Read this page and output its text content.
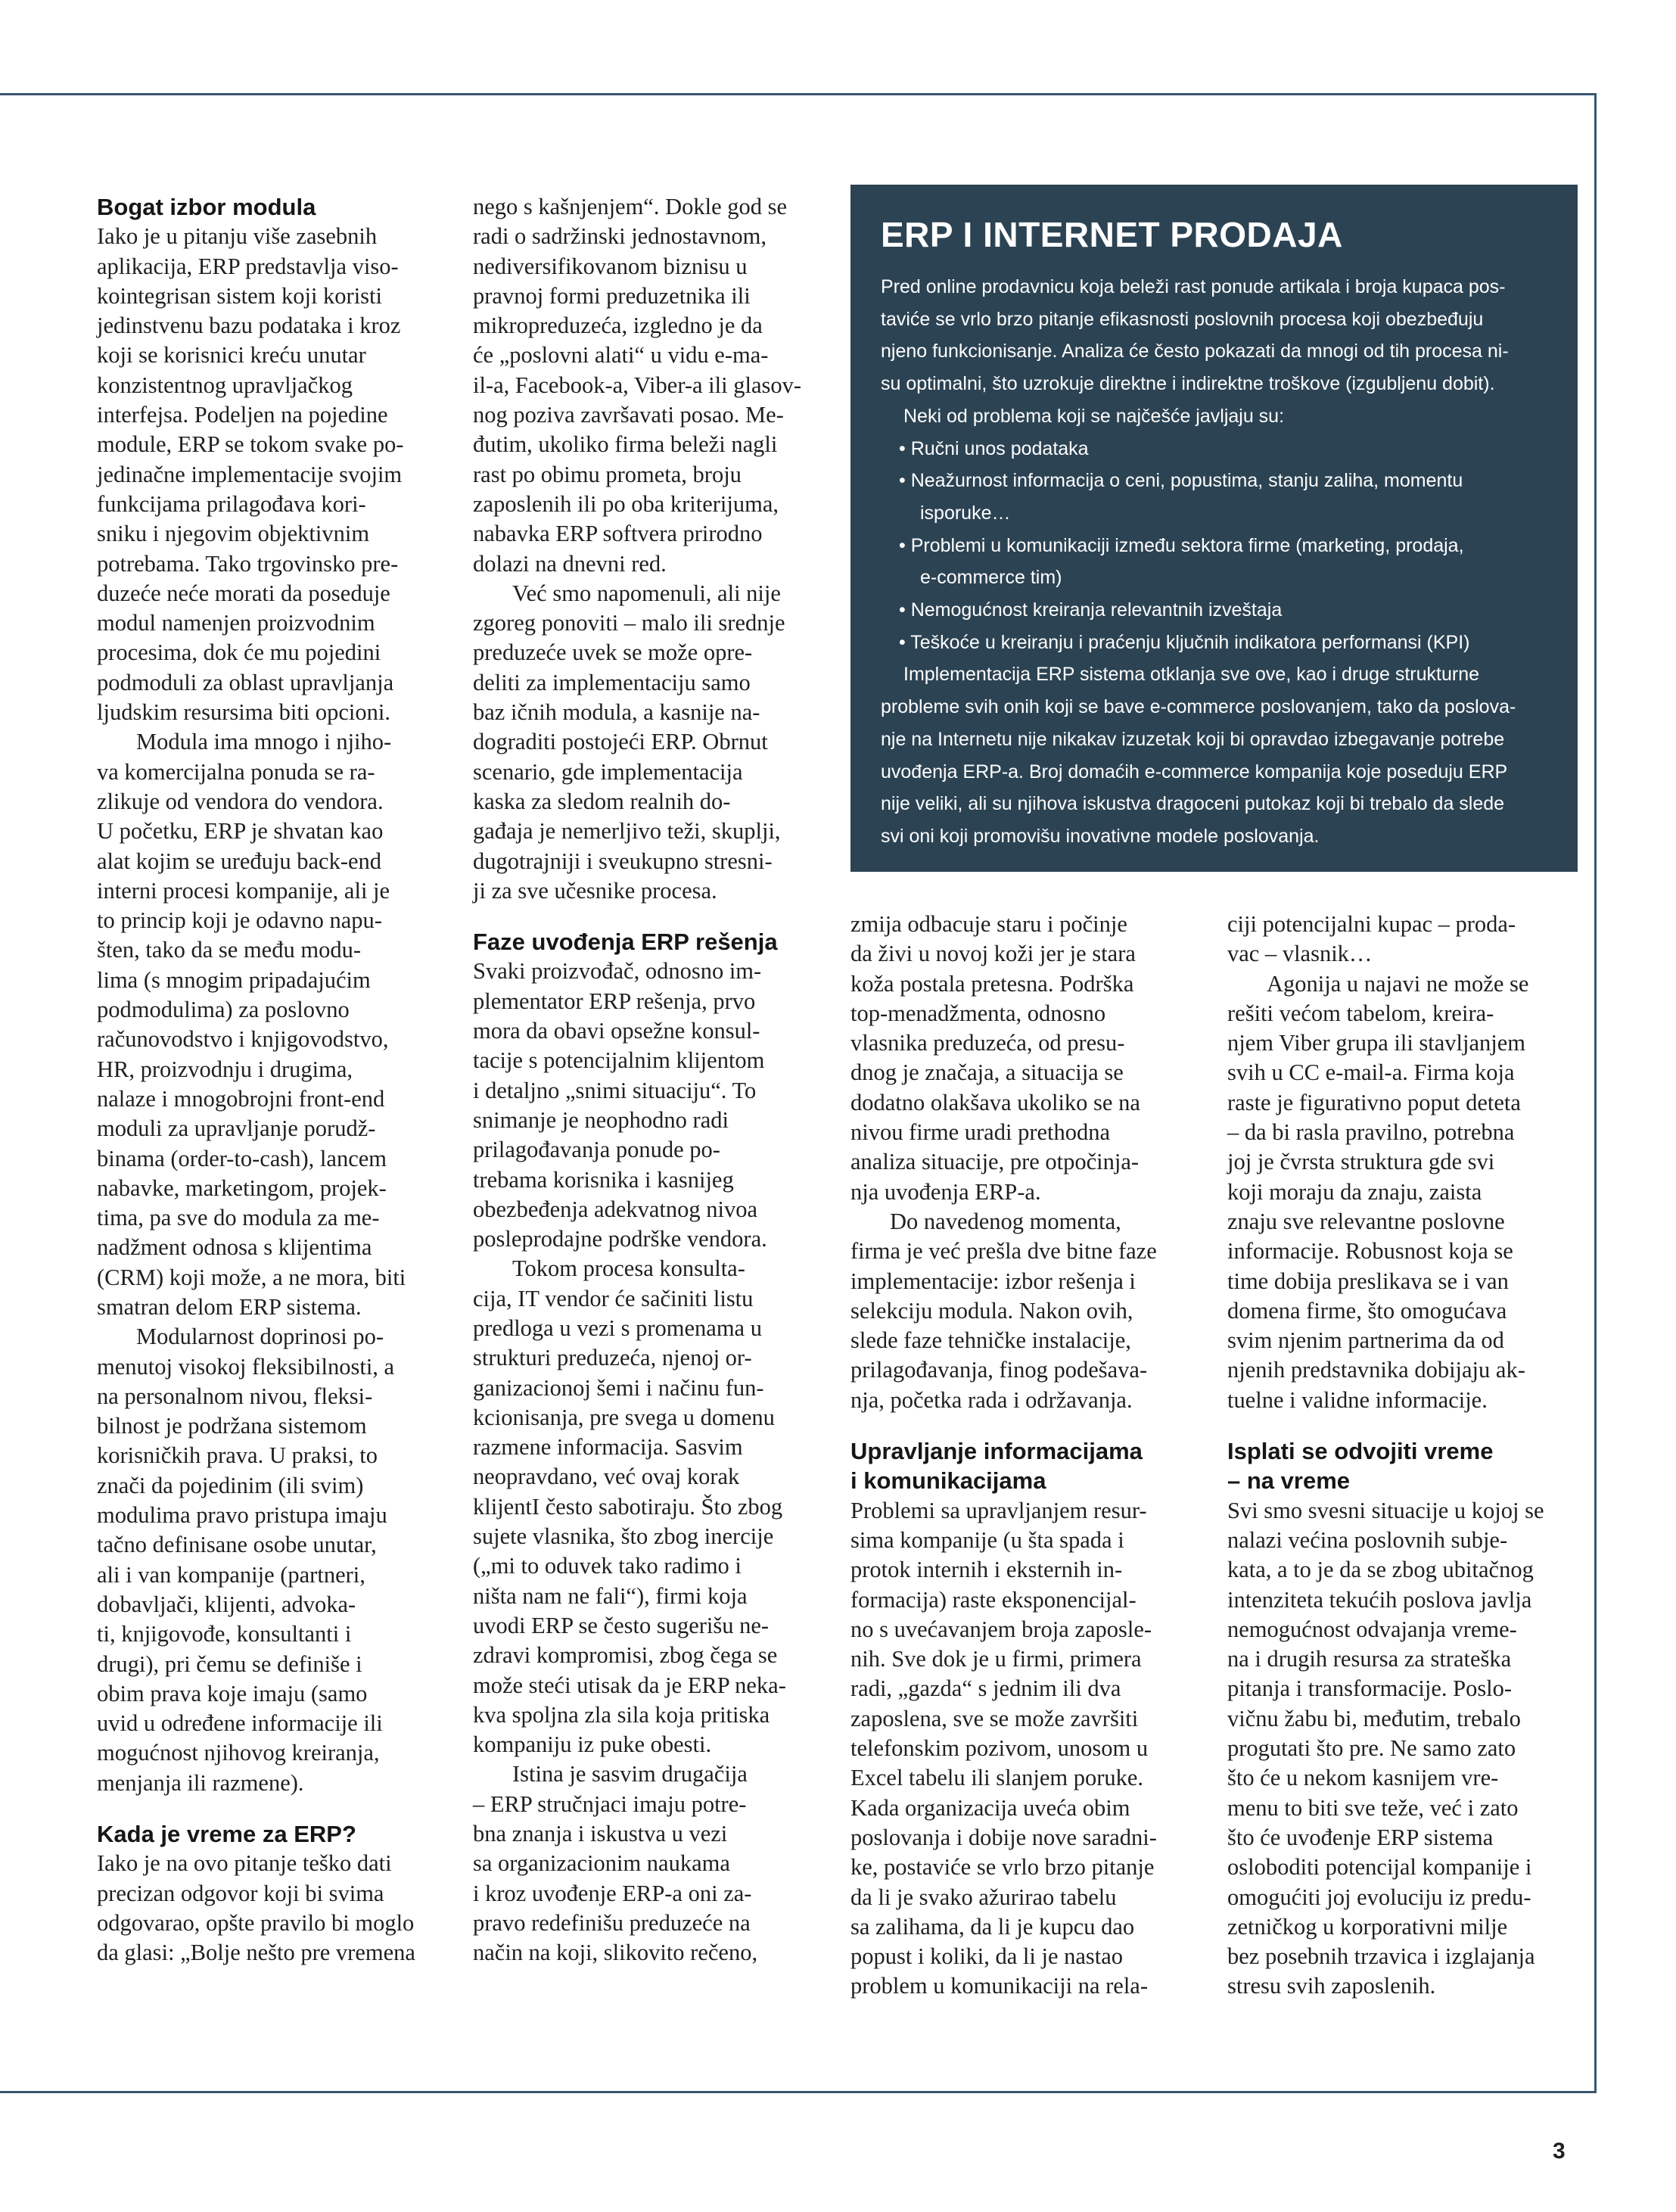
Bogat izbor modula

Iako je u pitanju više zasebnih
aplikacija, ERP predstavlja viso-
kointegrisan sistem koji koristi
jedinstvenu bazu podataka i kroz
koji se korisnici kreću unutar
konzistentnog upravljačkog
interfejsa. Podeljen na pojedine
module, ERP se tokom svake po-
jedinačne implementacije svojim
funkcijama prilagođava kori-
sniku i njegovim objektivnim
potrebama. Tako trgovinsko pre-
duzeće neće morati da poseduje
modul namenjen proizvodnim
procesima, dok će mu pojedini
podmoduli za oblast upravljanja
ljudskim resursima biti opcioni.

Modula ima mnogo i njiho-
va komercijalna ponuda se ra-
zlikuje od vendora do vendora.
U početku, ERP je shvatan kao
alat kojim se uređuju back-end
interni procesi kompanije, ali je
to princip koji je odavno napu-
šten, tako da se među modu-
lima (s mnogim pripadajućim
podmodulima) za poslovno
računovodstvo i knjigovodstvo,
HR, proizvodnju i drugima,
nalaze i mnogobrojni front-end
moduli za upravljanje porudž-
binama (order-to-cash), lancem
nabavke, marketingom, projek-
tima, pa sve do modula za me-
nadžment odnosa s klijentima
(CRM) koji može, a ne mora, biti
smatran delom ERP sistema.

Modularnost doprinosi po-
menutoj visokoj fleksibilnosti, a
na personalnom nivou, fleksi-
bilnost je podržana sistemom
korisničkih prava. U praksi, to
znači da pojedinim (ili svim)
modulima pravo pristupa imaju
tačno definisane osobe unutar,
ali i van kompanije (partneri,
dobavljači, klijenti, advoka-
ti, knjigovođe, konsultanti i
drugi), pri čemu se definiše i
obim prava koje imaju (samo
uvid u određene informacije ili
mogućnost njihovog kreiranja,
menjanja ili razmene).

Kada je vreme za ERP?

Iako je na ovo pitanje teško dati
precizan odgovor koji bi svima
odgovarao, opšte pravilo bi moglo
da glasi: „Bolje nešto pre vremena

nego s kašnjenjem“. Dokle god se
radi o sadržinski jednostavnom,
nediversifikovanom biznisu u
pravnoj formi preduzetnika ili
mikropreduzeća, izgledno je da
će „poslovni alati“ u vidu e-ma-
il-a, Facebook-a, Viber-a ili glasov-
nog poziva završavati posao. Me-
đutim, ukoliko firma beleži nagli
rast po obimu prometa, broju
zaposlenih ili po oba kriterijuma,
nabavka ERP softvera prirodno
dolazi na dnevni red.

Već smo napomenuli, ali nije
zgoreg ponoviti – malo ili srednje
preduzeće uvek se može opre-
deliti za implementaciju samo
baz ičnih modula, a kasnije na-
dograditi postojeći ERP. Obrnut
scenario, gde implementacija
kaska za sledom realnih do-
gađaja je nemerljivo teži, skuplji,
dugotrajniji i sveukupno stresni-
ji za sve učesnike procesa.

Faze uvođenja ERP rešenja

Svaki proizvođač, odnosno im-
plementator ERP rešenja, prvo
mora da obavi opsežne konsul-
tacije s potencijalnim klijentom
i detaljno „snimi situaciju“. To
snimanje je neophodno radi
prilagođavanja ponude po-
trebama korisnika i kasnijeg
obezbeđenja adekvatnog nivoa
posleprodajne podrške vendora.

Tokom procesa konsulta-
cija, IT vendor će sačiniti listu
predloga u vezi s promenama u
strukturi preduzeća, njenoj or-
ganizacionoj šemi i načinu fun-
kcionisanja, pre svega u domenu
razmene informacija. Sasvim
neopravdano, već ovaj korak
klijentI često sabotiraju. Što zbog
sujete vlasnika, što zbog inercije
(„mi to oduvek tako radimo i
ništa nam ne fali“), firmi koja
uvodi ERP se često sugerišu ne-
zdravi kompromisi, zbog čega se
može steći utisak da je ERP neka-
kva spoljna zla sila koja pritiska
kompaniju iz puke obesti.

Istina je sasvim drugačija
– ERP stručnjaci imaju potre-
bna znanja i iskustva u vezi
sa organizacionim naukama
i kroz uvođenje ERP-a oni za-
pravo redefinišu preduzeće na
način na koji, slikovito rečeno,

ERP I INTERNET PRODAJA
Pred online prodavnicu koja beleži rast ponude artikala i broja kupaca pos-
taviće se vrlo brzo pitanje efikasnosti poslovnih procesa koji obezbeđuju
njeno funkcionisanje. Analiza će često pokazati da mnogi od tih procesa ni-
su optimalni, što uzrokuje direktne i indirektne troškove (izgubljenu dobit).
Neki od problema koji se najčešće javljaju su:
• Ručni unos podataka
• Neažurnost informacija o ceni, popustima, stanju zaliha, momentu
isporuke…
• Problemi u komunikaciji između sektora firme (marketing, prodaja,
e-commerce tim)
• Nemogućnost kreiranja relevantnih izveštaja
• Teškoće u kreiranju i praćenju ključnih indikatora performansi (KPI)
Implementacija ERP sistema otklanja sve ove, kao i druge strukturne
probleme svih onih koji se bave e-commerce poslovanjem, tako da poslova-
nje na Internetu nije nikakav izuzetak koji bi opravdao izbegavanje potrebe
uvođenja ERP-a. Broj domaćih e-commerce kompanija koje poseduju ERP
nije veliki, ali su njihova iskustva dragoceni putokaz koji bi trebalo da slede
svi oni koji promovišu inovativne modele poslovanja.

zmija odbacuje staru i počinje
da živi u novoj koži jer je stara
koža postala pretesna. Podrška
top-menadžmenta, odnosno
vlasnika preduzeća, od presu-
dnog je značaja, a situacija se
dodatno olakšava ukoliko se na
nivou firme uradi prethodna
analiza situacije, pre otpočinja-
nja uvođenja ERP-a.

Do navedenog momenta,
firma je već prešla dve bitne faze
implementacije: izbor rešenja i
selekciju modula. Nakon ovih,
slede faze tehničke instalacije,
prilagođavanja, finog podešava-
nja, početka rada i održavanja.

Upravljanje informacijama
i komunikacijama

Problemi sa upravljanjem resur-
sima kompanije (u šta spada i
protok internih i eksternih in-
formacija) raste eksponencijal-
no s uvećavanjem broja zaposle-
nih. Sve dok je u firmi, primera
radi, „gazda“ s jednim ili dva
zaposlena, sve se može završiti
telefonskim pozivom, unosom u
Excel tabelu ili slanjem poruke.
Kada organizacija uveća obim
poslovanja i dobije nove saradni-
ke, postaviće se vrlo brzo pitanje
da li je svako ažurirao tabelu
sa zalihama, da li je kupcu dao
popust i koliki, da li je nastao
problem u komunikaciji na rela-

ciji potencijalni kupac – proda-
vac – vlasnik…

Agonija u najavi ne može se
rešiti većom tabelom, kreira-
njem Viber grupa ili stavljanjem
svih u CC e-mail-a. Firma koja
raste je figurativno poput deteta
– da bi rasla pravilno, potrebna
joj je čvrsta struktura gde svi
koji moraju da znaju, zaista
znaju sve relevantne poslovne
informacije. Robusnost koja se
time dobija preslikava se i van
domena firme, što omogućava
svim njenim partnerima da od
njenih predstavnika dobijaju ak-
tuelne i validne informacije.

Isplati se odvojiti vreme
– na vreme

Svi smo svesni situacije u kojoj se
nalazi većina poslovnih subje-
kata, a to je da se zbog ubitačnog
intenziteta tekućih poslova javlja
nemogućnost odvajanja vreme-
na i drugih resursa za strateška
pitanja i transformacije. Poslo-
vičnu žabu bi, međutim, trebalo
progutati što pre. Ne samo zato
što će u nekom kasnijem vre-
menu to biti sve teže, već i zato
što će uvođenje ERP sistema
osloboditi potencijal kompanije i
omogućiti joj evoluciju iz predu-
zetničkog u korporativni milje
bez posebnih trzavica i izglajanja
stresu svih zaposlenih.

3
